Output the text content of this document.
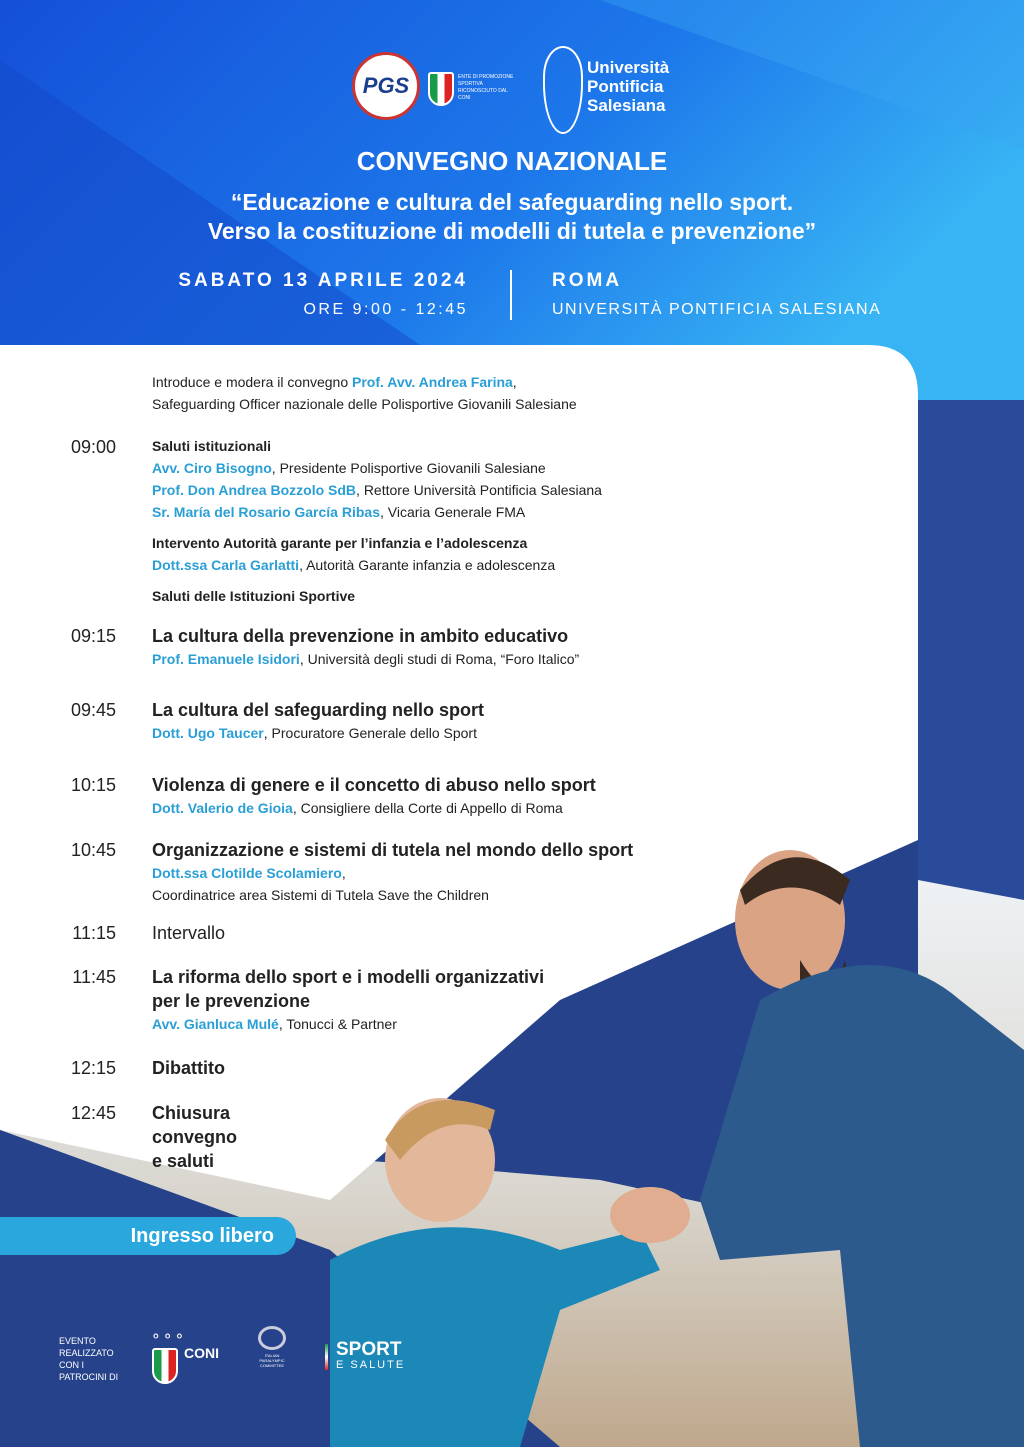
PGS	ENTE DI PROMOZIONE SPORTIVA RICONOSCIUTO DAL CONI
Università
Pontificia
Salesiana
CONVEGNO NAZIONALE
“Educazione e cultura del safeguarding nello sport.
Verso la costituzione di modelli di tutela e prevenzione”
SABATO 13 APRILE 2024
ORE 9:00 - 12:45
ROMA
UNIVERSITÀ PONTIFICIA SALESIANA
Introduce e modera il convegno Prof. Avv. Andrea Farina,
Safeguarding Officer nazionale delle Polisportive Giovanili Salesiane
09:00	Saluti istituzionali
Avv. Ciro Bisogno, Presidente Polisportive Giovanili Salesiane
Prof. Don Andrea Bozzolo SdB, Rettore Università Pontificia Salesiana
Sr. María del Rosario García Ribas, Vicaria Generale FMA
Intervento Autorità garante per l’infanzia e l’adolescenza
Dott.ssa Carla Garlatti, Autorità Garante infanzia e adolescenza
Saluti delle Istituzioni Sportive
09:15 La cultura della prevenzione in ambito educativo
Prof. Emanuele Isidori, Università degli studi di Roma, “Foro Italico”
09:45 La cultura del safeguarding nello sport
Dott. Ugo Taucer, Procuratore Generale dello Sport
10:15 Violenza di genere e il concetto di abuso nello sport
Dott. Valerio de Gioia, Consigliere della Corte di Appello di Roma
10:45 Organizzazione e sistemi di tutela nel mondo dello sport
Dott.ssa Clotilde Scolamiero,
Coordinatrice area Sistemi di Tutela Save the Children
11:15 Intervallo
11:45 La riforma dello sport e i modelli organizzativi
per le prevenzione
Avv. Gianluca Mulé, Tonucci & Partner
12:15 Dibattito
12:45 Chiusura
convegno
e saluti
Ingresso libero
EVENTO
REALIZZATO
CON I
PATROCINI DI
⚬⚬⚬
CONI	ITALIAN PARALYMPIC COMMITTEE
SPORT
E SALUTE
